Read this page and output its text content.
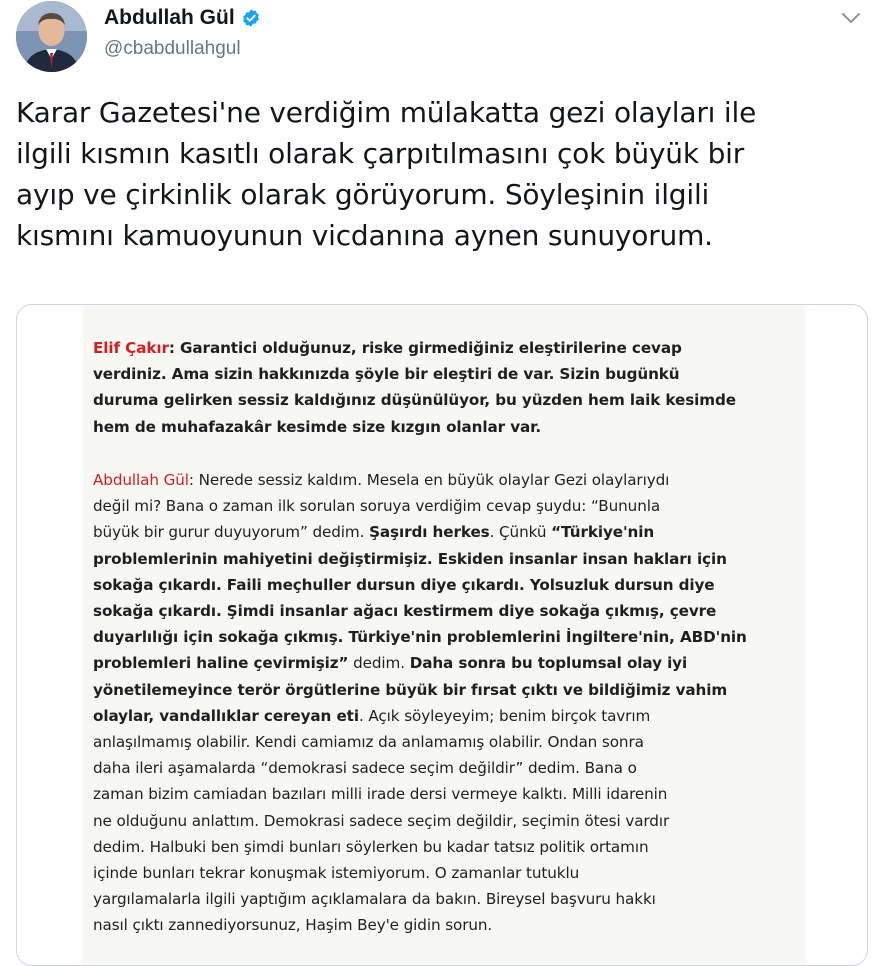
Abdullah Gül
@cbabdullahgul
Karar Gazetesi'ne verdiğim mülakatta gezi olayları ile
ilgili kısmın kasıtlı olarak çarpıtılmasını çok büyük bir
ayıp ve çirkinlik olarak görüyorum. Söyleşinin ilgili
kısmını kamuoyunun vicdanına aynen sunuyorum.
Elif Çakır: Garantici olduğunuz, riske girmediğiniz eleştirilerine cevap
verdiniz. Ama sizin hakkınızda şöyle bir eleştiri de var. Sizin bugünkü
duruma gelirken sessiz kaldığınız düşünülüyor, bu yüzden hem laik kesimde
hem de muhafazakâr kesimde size kızgın olanlar var.
Abdullah Gül: Nerede sessiz kaldım. Mesela en büyük olaylar Gezi olaylarıydı
değil mi? Bana o zaman ilk sorulan soruya verdiğim cevap şuydu: “Bununla
büyük bir gurur duyuyorum” dedim. Şaşırdı herkes. Çünkü “Türkiye'nin
problemlerinin mahiyetini değiştirmişiz. Eskiden insanlar insan hakları için
sokağa çıkardı. Faili meçhuller dursun diye çıkardı. Yolsuzluk dursun diye
sokağa çıkardı. Şimdi insanlar ağacı kestirmem diye sokağa çıkmış, çevre
duyarlılığı için sokağa çıkmış. Türkiye'nin problemlerini İngiltere'nin, ABD'nin
problemleri haline çevirmişiz” dedim. Daha sonra bu toplumsal olay iyi
yönetilemeyince terör örgütlerine büyük bir fırsat çıktı ve bildiğimiz vahim
olaylar, vandallıklar cereyan eti. Açık söyleyeyim; benim birçok tavrım
anlaşılmamış olabilir. Kendi camiamız da anlamamış olabilir. Ondan sonra
daha ileri aşamalarda “demokrasi sadece seçim değildir” dedim. Bana o
zaman bizim camiadan bazıları milli irade dersi vermeye kalktı. Milli idarenin
ne olduğunu anlattım. Demokrasi sadece seçim değildir, seçimin ötesi vardır
dedim. Halbuki ben şimdi bunları söylerken bu kadar tatsız politik ortamın
içinde bunları tekrar konuşmak istemiyorum. O zamanlar tutuklu
yargılamalarla ilgili yaptığım açıklamalara da bakın. Bireysel başvuru hakkı
nasıl çıktı zannediyorsunuz, Haşim Bey'e gidin sorun.
